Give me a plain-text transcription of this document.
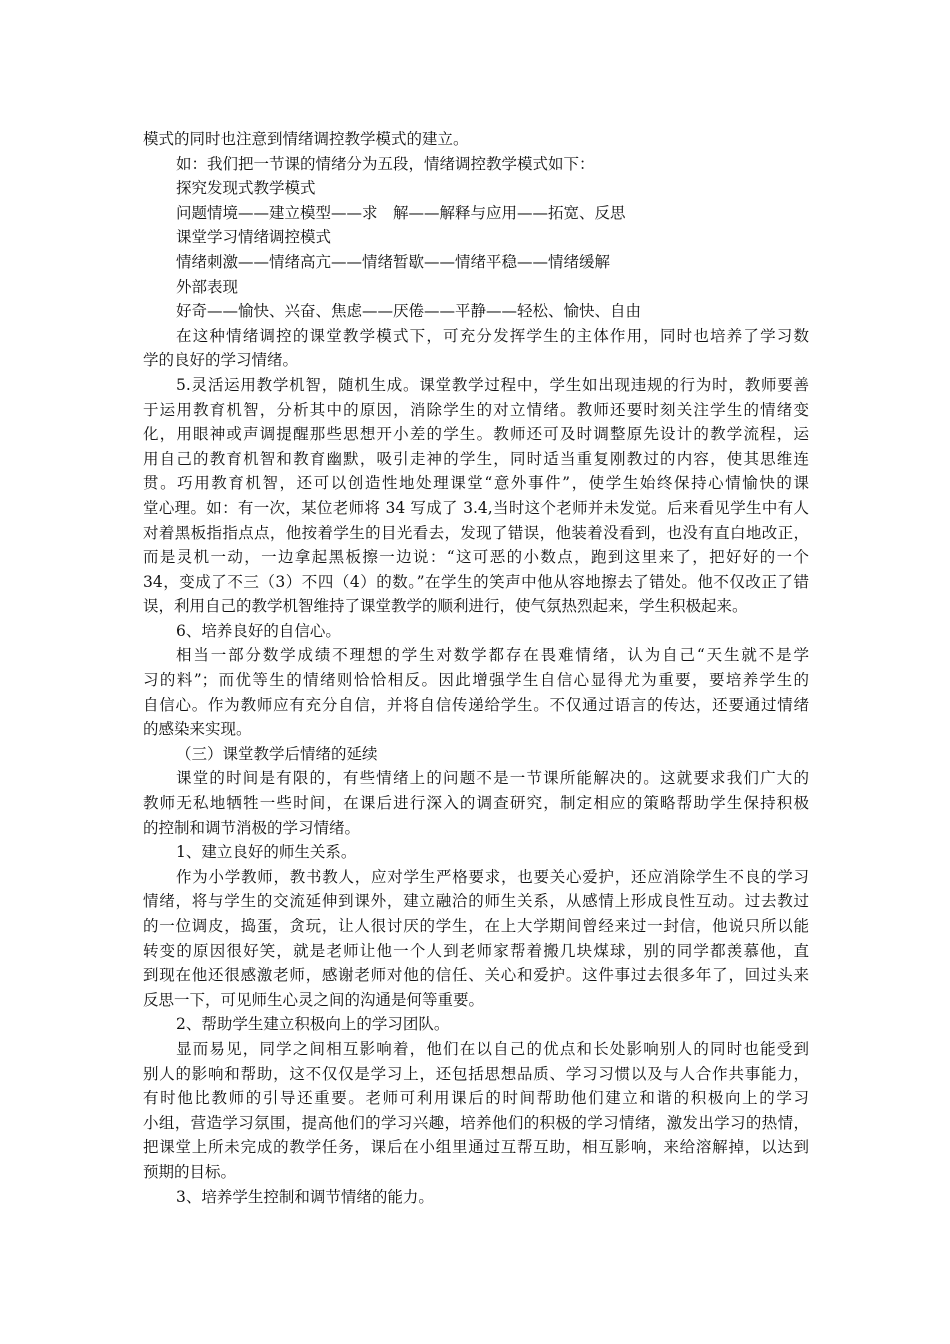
模式的同时也注意到情绪调控教学模式的建立。
如：我们把一节课的情绪分为五段，情绪调控教学模式如下：
探究发现式教学模式
问题情境——建立模型——求　解——解释与应用——拓宽、反思
课堂学习情绪调控模式
情绪刺激——情绪高亢——情绪暂歇——情绪平稳——情绪缓解
外部表现
好奇——愉快、兴奋、焦虑——厌倦——平静——轻松、愉快、自由
在这种情绪调控的课堂教学模式下，可充分发挥学生的主体作用，同时也培养了学习数
学的良好的学习情绪。
5.灵活运用教学机智，随机生成。课堂教学过程中，学生如出现违规的行为时，教师要善
于运用教育机智，分析其中的原因，消除学生的对立情绪。教师还要时刻关注学生的情绪变
化，用眼神或声调提醒那些思想开小差的学生。教师还可及时调整原先设计的教学流程，运
用自己的教育机智和教育幽默，吸引走神的学生，同时适当重复刚教过的内容，使其思维连
贯。巧用教育机智，还可以创造性地处理课堂“意外事件”，使学生始终保持心情愉快的课
堂心理。如：有一次，某位老师将 34 写成了 3.4,当时这个老师并未发觉。后来看见学生中有人
对着黑板指指点点，他按着学生的目光看去，发现了错误，他装着没看到，也没有直白地改正，
而是灵机一动，一边拿起黑板擦一边说：“这可恶的小数点，跑到这里来了，把好好的一个
34，变成了不三（3）不四（4）的数。”在学生的笑声中他从容地擦去了错处。他不仅改正了错
误，利用自己的教学机智维持了课堂教学的顺利进行，使气氛热烈起来，学生积极起来。
6、培养良好的自信心。
相当一部分数学成绩不理想的学生对数学都存在畏难情绪，认为自己“天生就不是学
习的料”；而优等生的情绪则恰恰相反。因此增强学生自信心显得尤为重要，要培养学生的
自信心。作为教师应有充分自信，并将自信传递给学生。不仅通过语言的传达，还要通过情绪
的感染来实现。
（三）课堂教学后情绪的延续
课堂的时间是有限的，有些情绪上的问题不是一节课所能解决的。这就要求我们广大的
教师无私地牺牲一些时间，在课后进行深入的调查研究，制定相应的策略帮助学生保持积极
的控制和调节消极的学习情绪。
1、建立良好的师生关系。
作为小学教师，教书教人，应对学生严格要求，也要关心爱护，还应消除学生不良的学习
情绪，将与学生的交流延伸到课外，建立融洽的师生关系，从感情上形成良性互动。过去教过
的一位调皮，捣蛋，贪玩，让人很讨厌的学生，在上大学期间曾经来过一封信，他说只所以能
转变的原因很好笑，就是老师让他一个人到老师家帮着搬几块煤球，别的同学都羡慕他，直
到现在他还很感激老师，感谢老师对他的信任、关心和爱护。这件事过去很多年了，回过头来
反思一下，可见师生心灵之间的沟通是何等重要。
2、帮助学生建立积极向上的学习团队。
显而易见，同学之间相互影响着，他们在以自己的优点和长处影响别人的同时也能受到
别人的影响和帮助，这不仅仅是学习上，还包括思想品质、学习习惯以及与人合作共事能力，
有时他比教师的引导还重要。老师可利用课后的时间帮助他们建立和谐的积极向上的学习
小组，营造学习氛围，提高他们的学习兴趣，培养他们的积极的学习情绪，激发出学习的热情，
把课堂上所未完成的教学任务，课后在小组里通过互帮互助，相互影响，来给溶解掉，以达到
预期的目标。
3、培养学生控制和调节情绪的能力。
